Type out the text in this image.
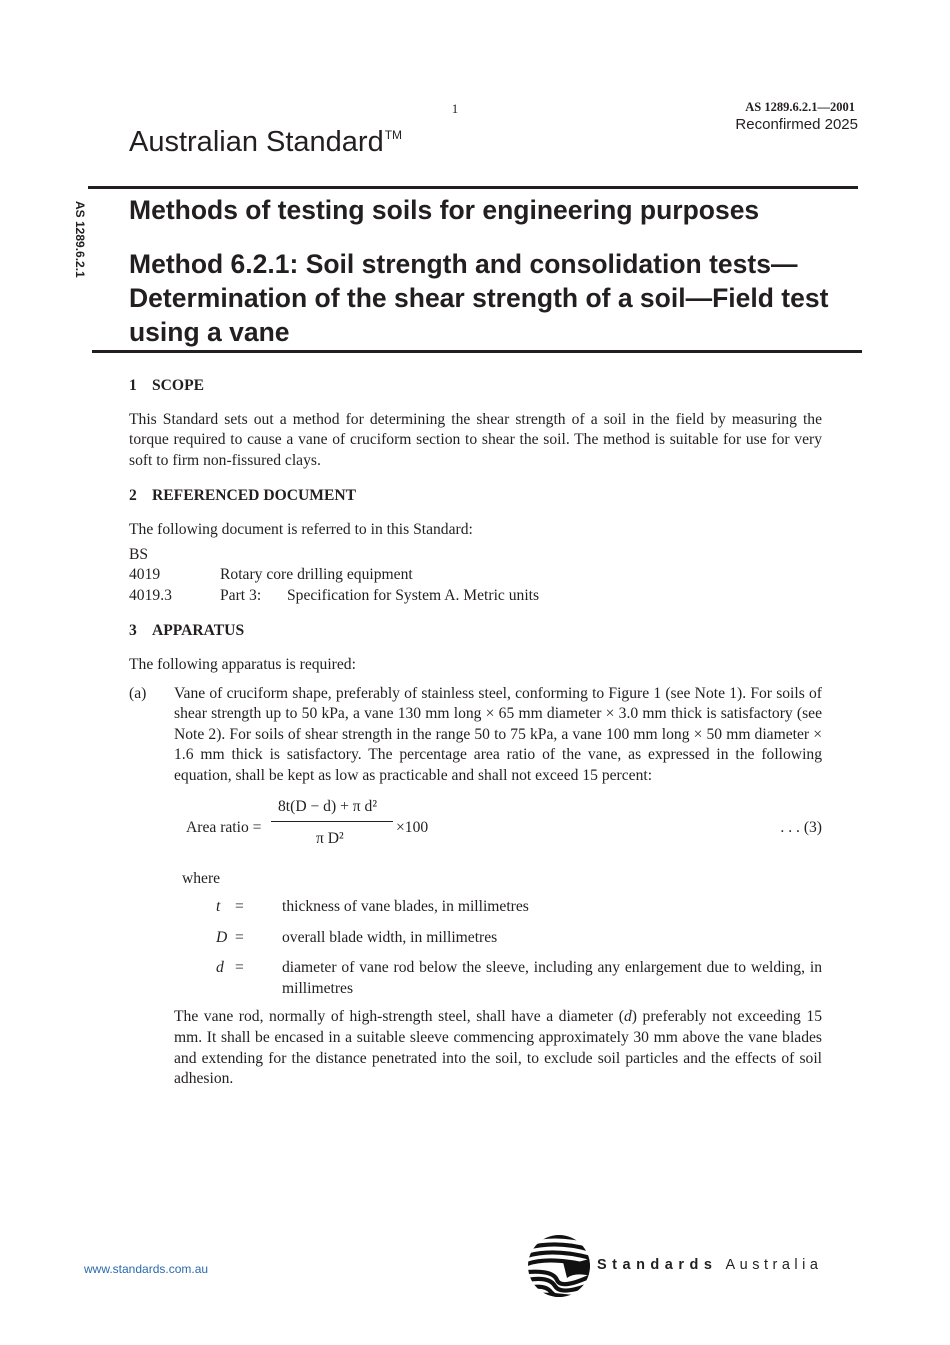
1	AS 1289.6.2.1—2001
Reconfirmed 2025
Australian Standard™
AS 1289.6.2.1 Methods of testing soils for engineering purposes
Method 6.2.1: Soil strength and consolidation tests—Determination of the shear strength of a soil—Field test using a vane
1 SCOPE

This Standard sets out a method for determining the shear strength of a soil in the field by measuring the torque required to cause a vane of cruciform section to shear the soil. The method is suitable for use for very soft to firm non-fissured clays.

2 REFERENCED DOCUMENT

The following document is referred to in this Standard:

BS
4019	Rotary core drilling equipment
4019.3	Part 3:	Specification for System A. Metric units
3 APPARATUS

The following apparatus is required:

(a)	Vane of cruciform shape, preferably of stainless steel, conforming to Figure 1 (see Note 1). For soils of shear strength up to 50 kPa, a vane 130 mm long × 65 mm diameter × 3.0 mm thick is satisfactory (see Note 2). For soils of shear strength in the range 50 to 75 kPa, a vane 100 mm long × 50 mm diameter × 1.6 mm thick is satisfactory. The percentage area ratio of the vane, as expressed in the following equation, shall be kept as low as practicable and shall not exceed 15 percent:
Area ratio =
8t(D − d) + π d²
π D²
×100	. . . (3)
where
t =	thickness of vane blades, in millimetres
D =	overall blade width, in millimetres
d =	diameter of vane rod below the sleeve, including any enlargement due to welding, in millimetres

The vane rod, normally of high-strength steel, shall have a diameter (d) preferably not exceeding 15 mm. It shall be encased in a suitable sleeve commencing approximately 30 mm above the vane blades and extending for the distance penetrated into the soil, to exclude soil particles and the effects of soil adhesion.

www.standards.com.au	Standards Australia
